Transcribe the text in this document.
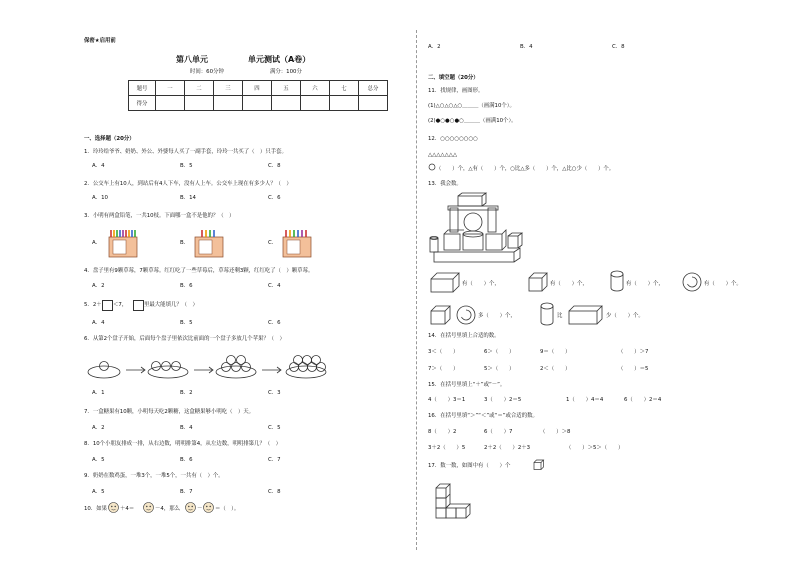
保密★启用前
第八单元	单元测试（A卷）
时间：60分钟	满分：100分
题号	一	二	三	四	五	六	七	总分
得分								
一、选择题（20分）
1．玲玲给爷爷、奶奶、外公、外婆每人买了一副手套，玲玲一共买了（　）只手套。
A．4	B．5	C．8
2．公交车上有10人，到站后有4人下车，没有人上车。公交车上现在有多少人？（　）
A．10	B．14	C．6
3．小明有两盒铅笔，一共10枝。下面哪一盒不是他的？（　）
A．	B．	C．
4．盘子里有9颗草莓，7颗草莓。红红吃了一些草莓后，草莓还剩3颗，红红吃了（　）颗草莓。
A．2	B．6	C．4
5．2＋ ＜7，	里最大能填几？（　）
A．4	B．5	C．6
6．从第2个盘子开始，后面每个盘子里依次比前面的一个盘子多放几个苹果？（　）
A．1	B．2	C．3
7．一盒糖果有10颗，小明每天吃2颗糖，这盒糖果够小明吃（　）天。
A．2	B．4	C．5
8．10个小朋友排成一排，从右边数，明明排第4，从左边数，明明排第几？（　）
A．5	B．6	C．7
9．奶奶在数鸡蛋，一堆3个，一堆5个，一共有（　）个。
A．5	B．7	C．8
10．如果 ＋4＝	－4，那么	－ ＝（　）。
A．2	B．4	C．8
二、填空题（20分）
11．找规律，画图形。
(1)△○△○△○＿＿＿（画满10个）。
(2)●○●○●○＿＿＿（画满10个）。
12．○○○○○○○○
△△△△△△△
（　　）个，△有（　　）个，○比△多（　　）个，△比○少（　　）个。
13．我会数。
有（　　）个，	有（　　）个，	有（　　）个，	有（　　）个。
多（　　）个，	比	少（　　）个。
14．在括号里填上合适的数。
3＜（　　）	6＞（　　）	9＝（　　）	（　　）＞7
7＞（　　）	5＞（　　）	2＜（　　）	（　　）＝5
15．在括号里填上“＋”或“－”。
4（　　）3＝1	3（　　）2＝5	1（　　）4＝4	6（　　）2＝4
16．在括号里填“＞”“＜”或“＝”或合适的数。
8（　　）2	6（　　）7	（　　）＞8
3＋2（　　）5	2＋2（　　）2＋3	（　　）＞5＞（　　）
17．数一数，如图中有（　　）个
